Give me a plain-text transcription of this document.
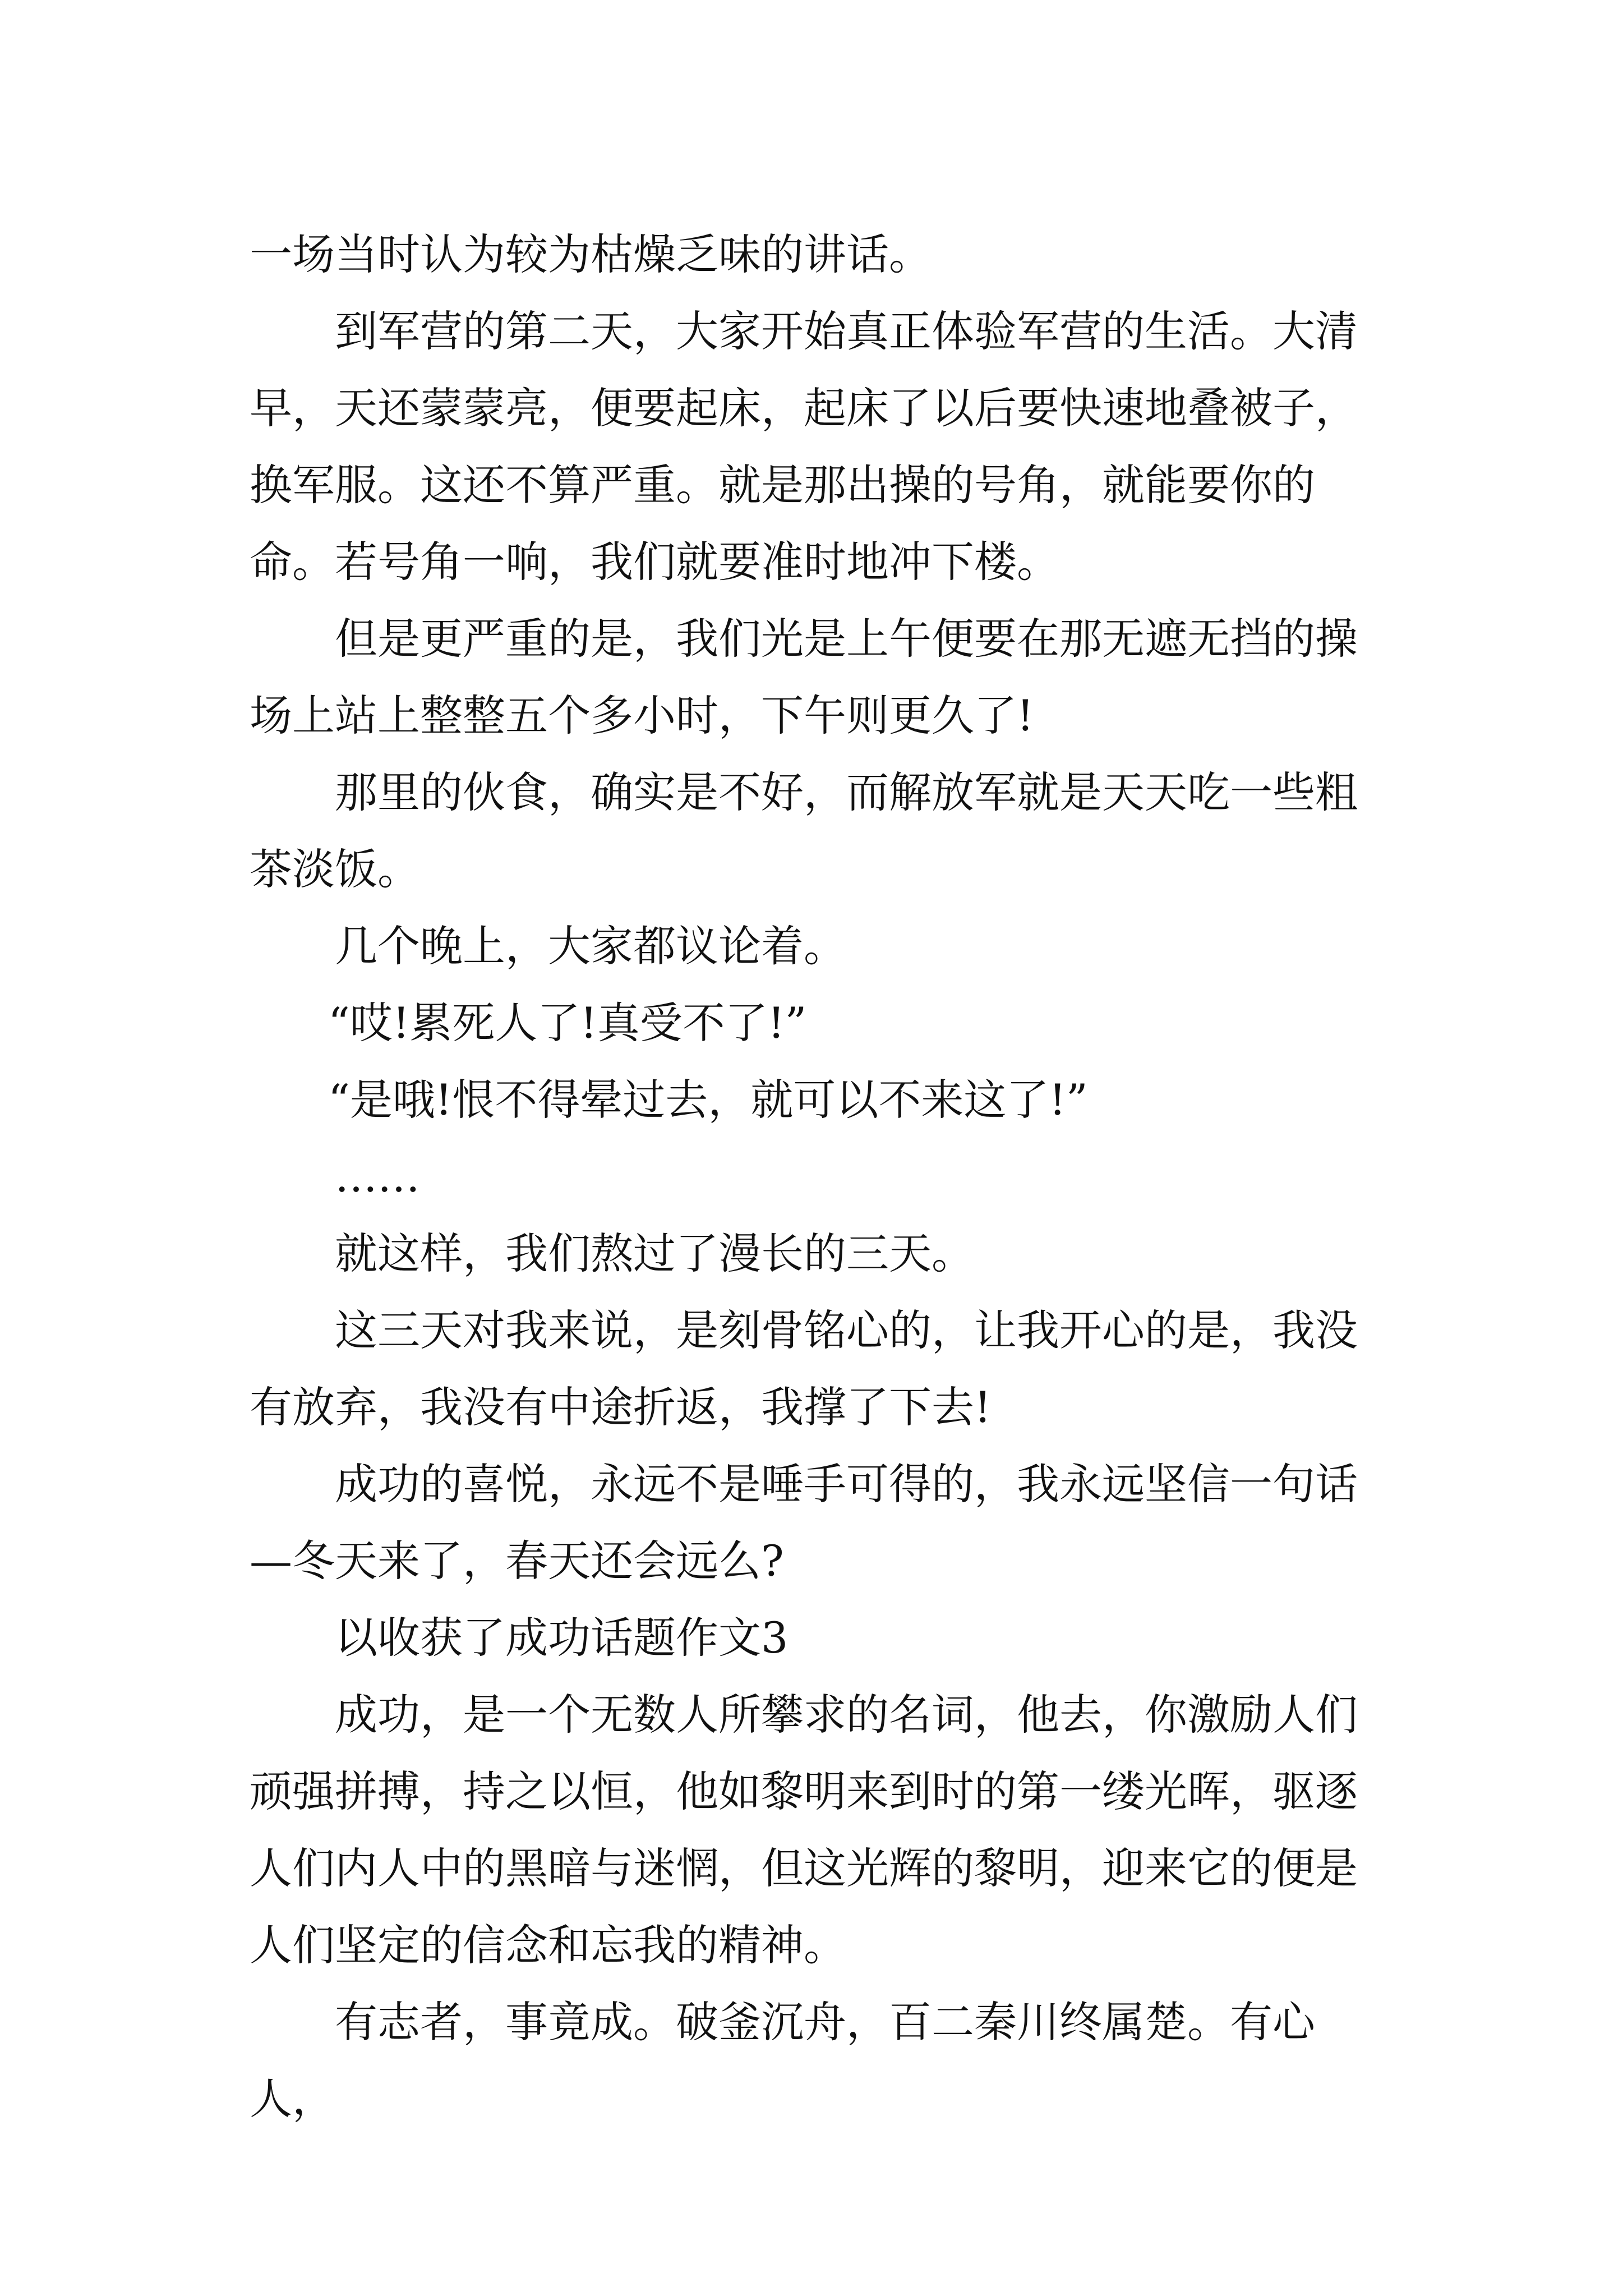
一场当时认为较为枯燥乏味的讲话。

到军营的第二天，大家开始真正体验军营的生活。大清早，天还蒙蒙亮，便要起床，起床了以后要快速地叠被子，换军服。这还不算严重。就是那出操的号角，就能要你的命。若号角一响，我们就要准时地冲下楼。

但是更严重的是，我们光是上午便要在那无遮无挡的操场上站上整整五个多小时，下午则更久了!

那里的伙食，确实是不好，而解放军就是天天吃一些粗茶淡饭。

几个晚上，大家都议论着。

“哎!累死人了!真受不了!”

“是哦!恨不得晕过去，就可以不来这了!”

……

就这样，我们熬过了漫长的三天。

这三天对我来说，是刻骨铭心的，让我开心的是，我没有放弃，我没有中途折返，我撑了下去!

成功的喜悦，永远不是唾手可得的，我永远坚信一句话—冬天来了，春天还会远么?

以收获了成功话题作文3

成功，是一个无数人所攀求的名词，他去，你激励人们顽强拼搏，持之以恒，他如黎明来到时的第一缕光晖，驱逐人们内人中的黑暗与迷惘，但这光辉的黎明，迎来它的便是人们坚定的信念和忘我的精神。

有志者，事竟成。破釜沉舟，百二秦川终属楚。有心人，
